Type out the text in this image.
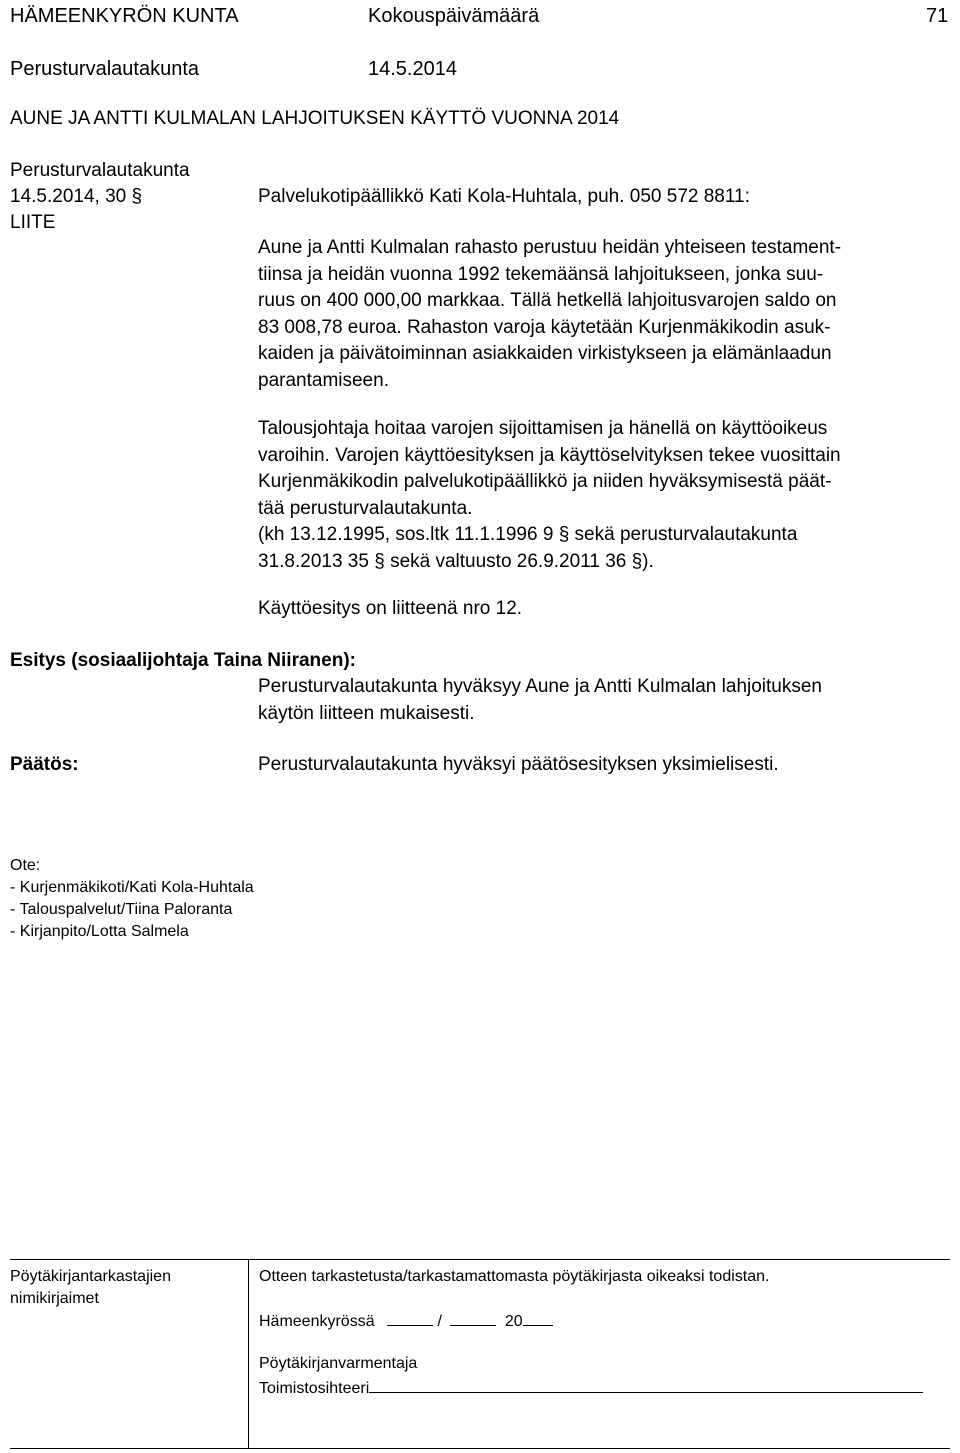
HÄMEENKYRÖN KUNTA	Kokouspäivämäärä	71
Perusturvalautakunta	14.5.2014
AUNE JA ANTTI KULMALAN LAHJOITUKSEN KÄYTTÖ VUONNA 2014
Perusturvalautakunta
14.5.2014, 30 §
LIITE
Palvelukotipäällikkö Kati Kola-Huhtala, puh. 050 572 8811:
Aune ja Antti Kulmalan rahasto perustuu heidän yhteiseen testament-
tiinsa ja heidän vuonna 1992 tekemäänsä lahjoitukseen, jonka suu-
ruus on 400 000,00 markkaa. Tällä hetkellä lahjoitusvarojen saldo on
83 008,78 euroa. Rahaston varoja käytetään Kurjenmäkikodin asuk-
kaiden ja päivätoiminnan asiakkaiden virkistykseen ja elämänlaadun
parantamiseen.
Talousjohtaja hoitaa varojen sijoittamisen ja hänellä on käyttöoikeus
varoihin. Varojen käyttöesityksen ja käyttöselvityksen tekee vuosittain
Kurjenmäkikodin palvelukotipäällikkö ja niiden hyväksymisestä päät-
tää perusturvalautakunta.
(kh 13.12.1995, sos.ltk 11.1.1996 9 § sekä perusturvalautakunta
31.8.2013 35 § sekä valtuusto 26.9.2011 36 §).
Käyttöesitys on liitteenä nro 12.
Esitys (sosiaalijohtaja Taina Niiranen):
Perusturvalautakunta hyväksyy Aune ja Antti Kulmalan lahjoituksen
käytön liitteen mukaisesti.
Päätös:	Perusturvalautakunta hyväksyi päätösesityksen yksimielisesti.
Ote:
- Kurjenmäkikoti/Kati Kola-Huhtala
- Talouspalvelut/Tiina Paloranta
- Kirjanpito/Lotta Salmela
Pöytäkirjantarkastajien
nimikirjaimet
Otteen tarkastetusta/tarkastamattomasta pöytäkirjasta oikeaksi todistan.
Hämeenkyrössä	/	20
Pöytäkirjanvarmentaja
Toimistosihteeri
